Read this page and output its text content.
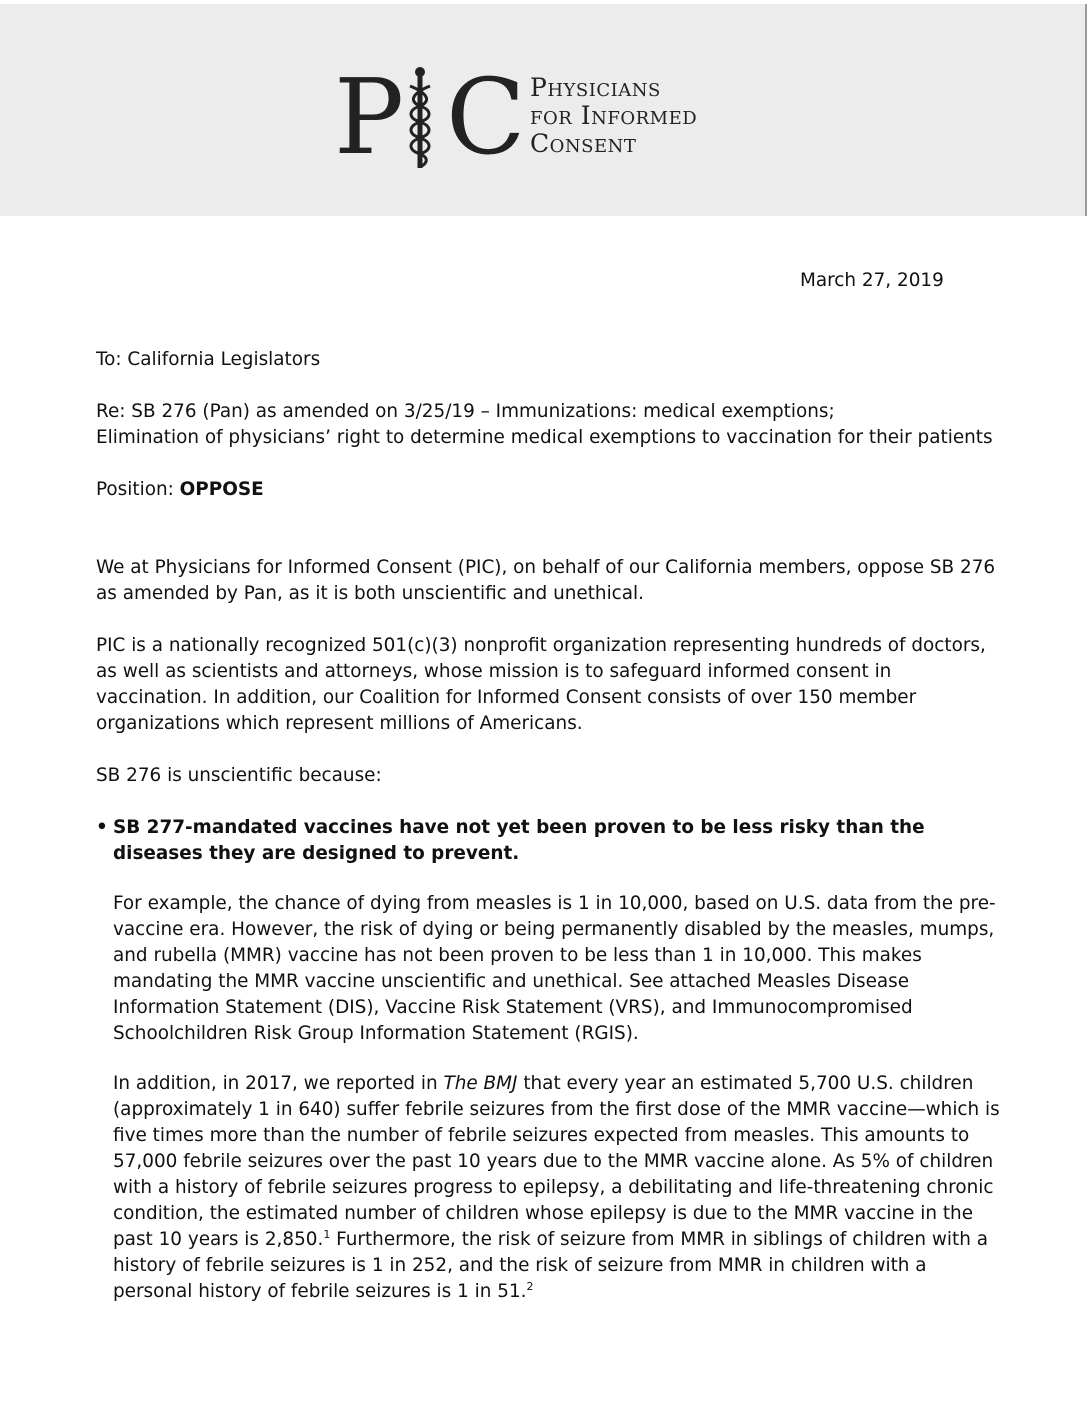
P C Physicians
for Informed
Consent

March 27, 2019

To: California Legislators

Re: SB 276 (Pan) as amended on 3/25/19 – Immunizations: medical exemptions;

Elimination of physicians’ right to determine medical exemptions to vaccination for their patients

Position: OPPOSE

We at Physicians for Informed Consent (PIC), on behalf of our California members, oppose SB 276 as amended by Pan, as it is both unscientific and unethical.

PIC is a nationally recognized 501(c)(3) nonprofit organization representing hundreds of doctors, as well as scientists and attorneys, whose mission is to safeguard informed consent in vaccination. In addition, our Coalition for Informed Consent consists of over 150 member organizations which represent millions of Americans.

SB 276 is unscientific because:

• SB 277-mandated vaccines have not yet been proven to be less risky than the diseases they are designed to prevent.

For example, the chance of dying from measles is 1 in 10,000, based on U.S. data from the pre-vaccine era. However, the risk of dying or being permanently disabled by the measles, mumps, and rubella (MMR) vaccine has not been proven to be less than 1 in 10,000. This makes mandating the MMR vaccine unscientific and unethical. See attached Measles Disease Information Statement (DIS), Vaccine Risk Statement (VRS), and Immunocompromised Schoolchildren Risk Group Information Statement (RGIS).

In addition, in 2017, we reported in The BMJ that every year an estimated 5,700 U.S. children (approximately 1 in 640) suffer febrile seizures from the first dose of the MMR vaccine—which is five times more than the number of febrile seizures expected from measles. This amounts to 57,000 febrile seizures over the past 10 years due to the MMR vaccine alone. As 5% of children with a history of febrile seizures progress to epilepsy, a debilitating and life-threatening chronic condition, the estimated number of children whose epilepsy is due to the MMR vaccine in the past 10 years is 2,850.$^1$ Furthermore, the risk of seizure from MMR in siblings of children with a history of febrile seizures is 1 in 252, and the risk of seizure from MMR in children with a personal history of febrile seizures is 1 in 51.$^2$
